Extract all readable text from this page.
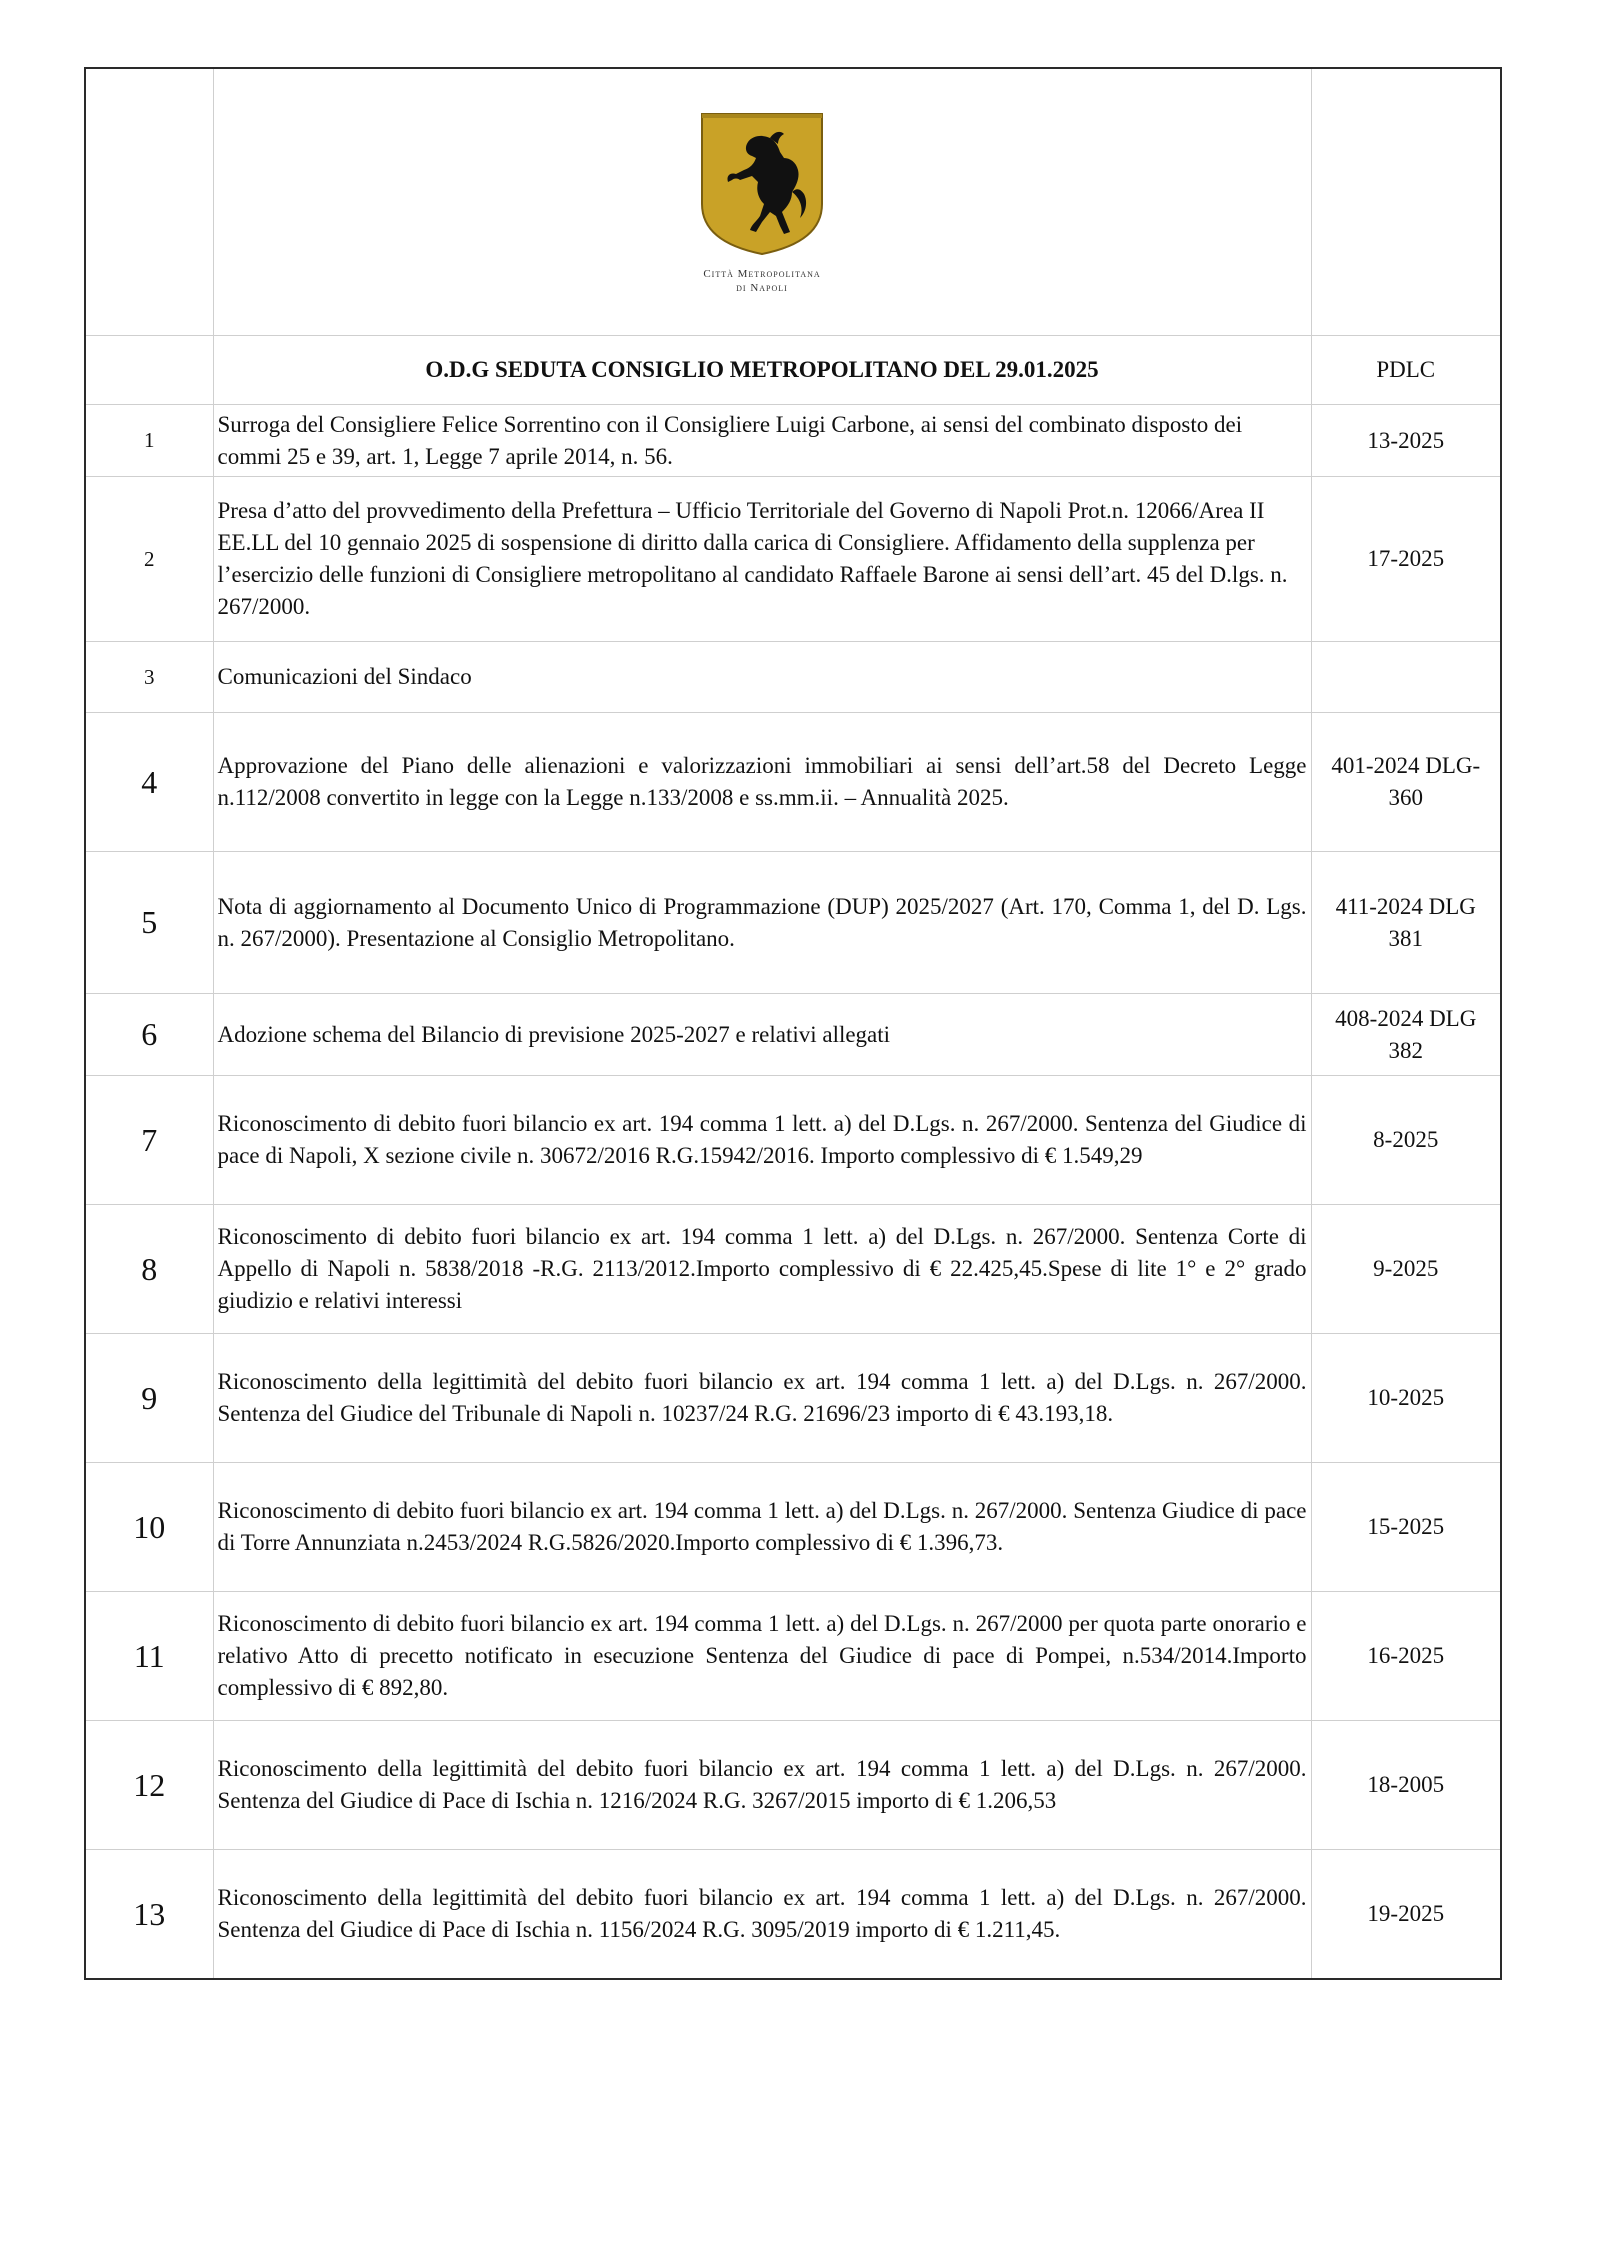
	Città Metropolitana
di Napoli	

	O.D.G SEDUTA CONSIGLIO METROPOLITANO DEL 29.01.2025	PDLC
1	Surroga del Consigliere Felice Sorrentino con il Consigliere Luigi Carbone, ai sensi del combinato disposto dei commi 25 e 39, art. 1, Legge 7 aprile 2014, n. 56.	13-2025
2	Presa d’atto del provvedimento della Prefettura – Ufficio Territoriale del Governo di Napoli Prot.n. 12066/Area II EE.LL del 10 gennaio 2025 di sospensione di diritto dalla carica di Consigliere. Affidamento della supplenza per l’esercizio delle funzioni di Consigliere metropolitano al candidato Raffaele Barone ai sensi dell’art. 45 del D.lgs. n. 267/2000.	17-2025
3	Comunicazioni del Sindaco	
4	Approvazione del Piano delle alienazioni e valorizzazioni immobiliari ai sensi dell’art.58 del Decreto Legge n.112/2008 convertito in legge con la Legge n.133/2008 e ss.mm.ii. – Annualità 2025.	401-2024 DLG-360
5	Nota di aggiornamento al Documento Unico di Programmazione (DUP) 2025/2027 (Art. 170, Comma 1, del D. Lgs. n. 267/2000). Presentazione al Consiglio Metropolitano.	411-2024 DLG 381
6	Adozione schema del Bilancio di previsione 2025-2027 e relativi allegati	408-2024 DLG 382
7	Riconoscimento di debito fuori bilancio ex art. 194 comma 1 lett. a) del D.Lgs. n. 267/2000. Sentenza del Giudice di pace di Napoli, X sezione civile n. 30672/2016 R.G.15942/2016. Importo complessivo di € 1.549,29	8-2025
8	Riconoscimento di debito fuori bilancio ex art. 194 comma 1 lett. a) del D.Lgs. n. 267/2000. Sentenza Corte di Appello di Napoli n. 5838/2018 -R.G. 2113/2012.Importo complessivo di € 22.425,45.Spese di lite 1° e 2° grado giudizio e relativi interessi	9-2025
9	Riconoscimento della legittimità del debito fuori bilancio ex art. 194 comma 1 lett. a) del D.Lgs. n. 267/2000. Sentenza del Giudice del Tribunale di Napoli n. 10237/24 R.G. 21696/23 importo di € 43.193,18.	10-2025
10	Riconoscimento di debito fuori bilancio ex art. 194 comma 1 lett. a) del D.Lgs. n. 267/2000. Sentenza Giudice di pace di Torre Annunziata n.2453/2024 R.G.5826/2020.Importo complessivo di € 1.396,73.	15-2025
11	Riconoscimento di debito fuori bilancio ex art. 194 comma 1 lett. a) del D.Lgs. n. 267/2000 per quota parte onorario e relativo Atto di precetto notificato in esecuzione Sentenza del Giudice di pace di Pompei, n.534/2014.Importo complessivo di € 892,80.	16-2025
12	Riconoscimento della legittimità del debito fuori bilancio ex art. 194 comma 1 lett. a) del D.Lgs. n. 267/2000. Sentenza del Giudice di Pace di Ischia n. 1216/2024 R.G. 3267/2015 importo di € 1.206,53	18-2005
13	Riconoscimento della legittimità del debito fuori bilancio ex art. 194 comma 1 lett. a) del D.Lgs. n. 267/2000. Sentenza del Giudice di Pace di Ischia n. 1156/2024 R.G. 3095/2019 importo di € 1.211,45.	19-2025
